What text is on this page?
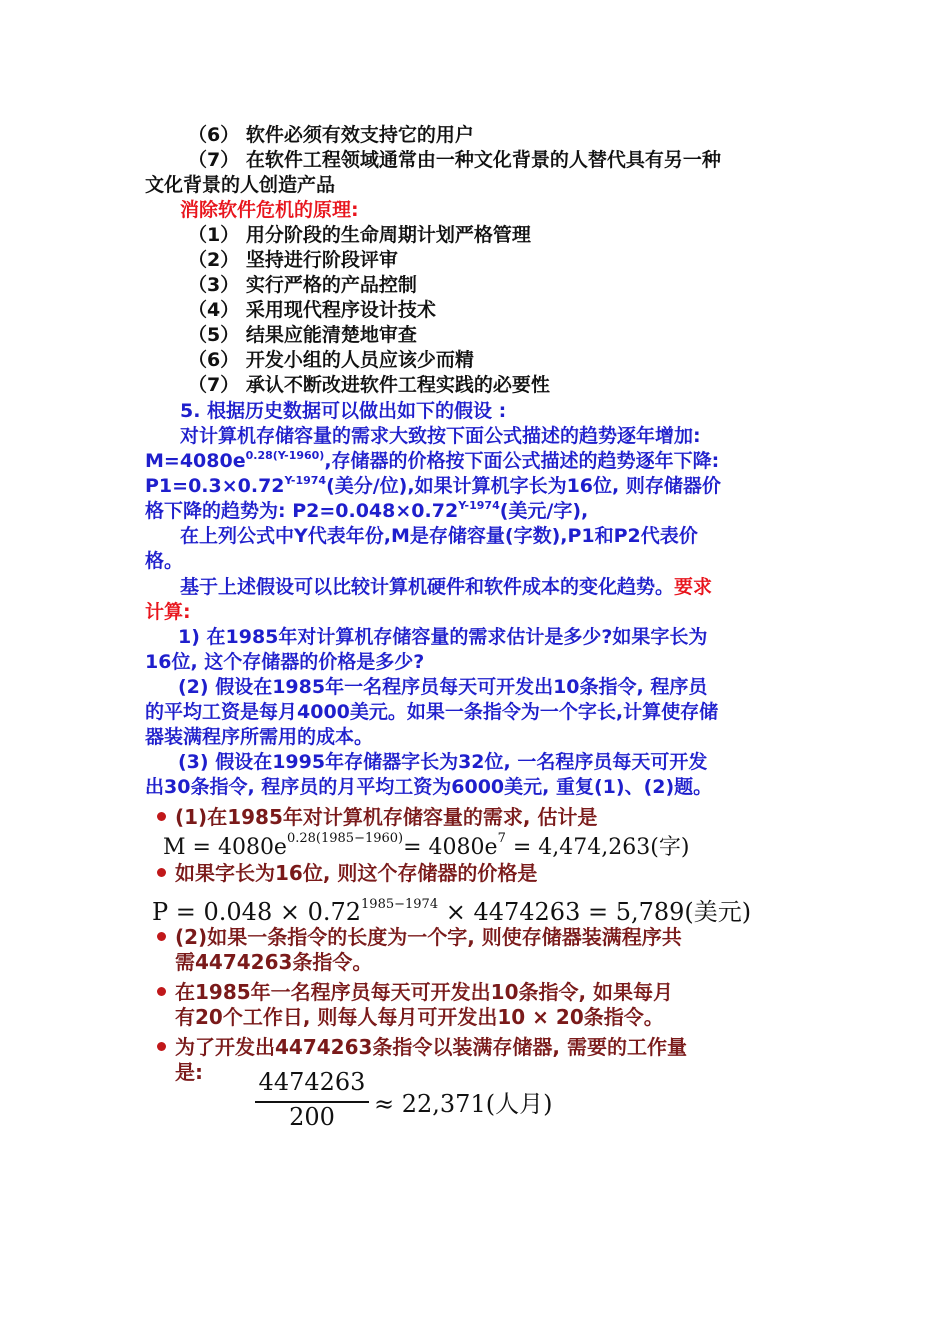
（6） 软件必须有效支持它的用户
（7） 在软件工程领域通常由一种文化背景的人替代具有另一种
文化背景的人创造产品
消除软件危机的原理:
（1） 用分阶段的生命周期计划严格管理
（2） 坚持进行阶段评审
（3） 实行严格的产品控制
（4） 采用现代程序设计技术
（5） 结果应能清楚地审查
（6） 开发小组的人员应该少而精
（7） 承认不断改进软件工程实践的必要性
5. 根据历史数据可以做出如下的假设 :
对计算机存储容量的需求大致按下面公式描述的趋势逐年增加:
$M=4080e^{0.28(Y-1960)}$,存储器的价格按下面公式描述的趋势逐年下降:
$P1=0.3\times 0.72^{Y-1974}$(美分/位),如果计算机字长为16位, 则存储器价
格下降的趋势为: $P2=0.048\times 0.72^{Y-1974}$(美元/字),
在上列公式中Y代表年份,M是存储容量(字数),P1和P2代表价
格。
基于上述假设可以比较计算机硬件和软件成本的变化趋势。要求
计算:
1) 在1985年对计算机存储容量的需求估计是多少?如果字长为
16位, 这个存储器的价格是多少?
(2) 假设在1985年一名程序员每天可开发出10条指令, 程序员
的平均工资是每月4000美元。如果一条指令为一个字长,计算使存储
器装满程序所需用的成本。
(3) 假设在1995年存储器字长为32位, 一名程序员每天可开发
出30条指令, 程序员的月平均工资为6000美元, 重复(1)、(2)题。
(1)在1985年对计算机存储容量的需求, 估计是
$M = 4080e^{0.28(1985-1960)}= 4080e^7 = 4,474,263$(字)
如果字长为16位, 则这个存储器的价格是
$P = 0.048 \times 0.72^{1985-1974} \times 4474263 = 5,789$(美元)
(2)如果一条指令的长度为一个字, 则使存储器装满程序共
需4474263条指令。
在1985年一名程序员每天可开发出10条指令, 如果每月
有20个工作日, 则每人每月可开发出10 × 20条指令。
为了开发出4474263条指令以装满存储器, 需要的工作量
是: 4474263
200	≈ 22,371(人月)
